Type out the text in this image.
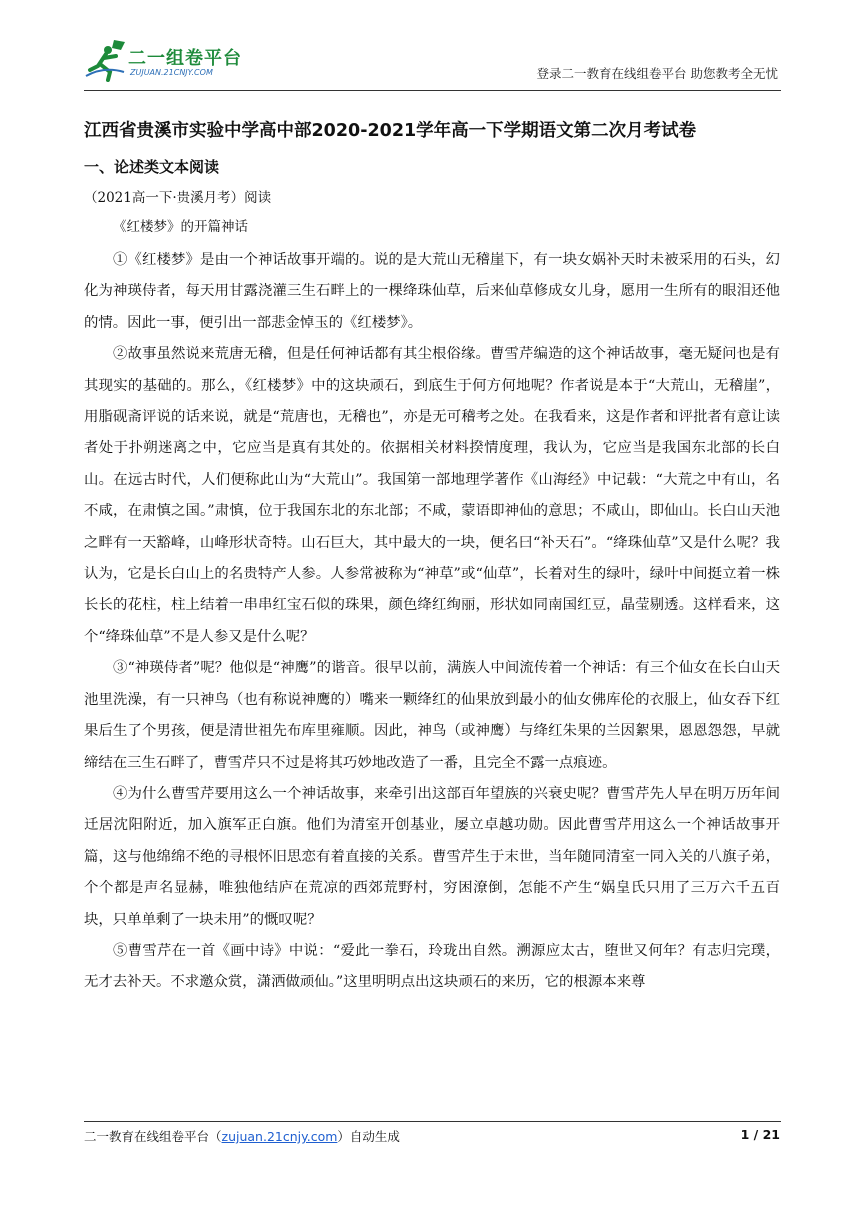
二一组卷平台
ZUJUAN.21CNJY.COM	登录二一教育在线组卷平台 助您教考全无忧
江西省贵溪市实验中学高中部2020-2021学年高一下学期语文第二次月考试卷
一、论述类文本阅读
（2021高一下·贵溪月考）阅读
《红楼梦》的开篇神话

①《红楼梦》是由一个神话故事开端的。说的是大荒山无稽崖下，有一块女娲补天时未被采用的石头，幻化为神瑛侍者，每天用甘露浇灌三生石畔上的一棵绛珠仙草，后来仙草修成女儿身，愿用一生所有的眼泪还他的情。因此一事，便引出一部悲金悼玉的《红楼梦》。

②故事虽然说来荒唐无稽，但是任何神话都有其尘根俗缘。曹雪芹编造的这个神话故事，毫无疑问也是有其现实的基础的。那么，《红楼梦》中的这块顽石，到底生于何方何地呢？作者说是本于“大荒山，无稽崖”，用脂砚斋评说的话来说，就是“荒唐也，无稽也”，亦是无可稽考之处。在我看来，这是作者和评批者有意让读者处于扑朔迷离之中，它应当是真有其处的。依据相关材料揆情度理，我认为，它应当是我国东北部的长白山。在远古时代，人们便称此山为“大荒山”。我国第一部地理学著作《山海经》中记载：“大荒之中有山，名不咸，在肃慎之国。”肃慎，位于我国东北的东北部；不咸，蒙语即神仙的意思；不咸山，即仙山。长白山天池之畔有一天豁峰，山峰形状奇特。山石巨大，其中最大的一块，便名曰“补天石”。“绛珠仙草”又是什么呢？我认为，它是长白山上的名贵特产人参。人参常被称为“神草”或“仙草”，长着对生的绿叶，绿叶中间挺立着一株长长的花柱，柱上结着一串串红宝石似的珠果，颜色绛红绚丽，形状如同南国红豆，晶莹剔透。这样看来，这个“绛珠仙草”不是人参又是什么呢？

③“神瑛侍者”呢？他似是“神鹰”的谐音。很早以前，满族人中间流传着一个神话：有三个仙女在长白山天池里洗澡，有一只神鸟（也有称说神鹰的）嘴来一颗绛红的仙果放到最小的仙女佛库伦的衣服上，仙女吞下红果后生了个男孩，便是清世祖先布库里雍顺。因此，神鸟（或神鹰）与绛红朱果的兰因絮果，恩恩怨怨，早就缔结在三生石畔了，曹雪芹只不过是将其巧妙地改造了一番，且完全不露一点痕迹。

④为什么曹雪芹要用这么一个神话故事，来牵引出这部百年望族的兴衰史呢？曹雪芹先人早在明万历年间迁居沈阳附近，加入旗军正白旗。他们为清室开创基业，屡立卓越功勋。因此曹雪芹用这么一个神话故事开篇，这与他绵绵不绝的寻根怀旧思恋有着直接的关系。曹雪芹生于末世，当年随同清室一同入关的八旗子弟，个个都是声名显赫，唯独他结庐在荒凉的西郊荒野村，穷困潦倒，怎能不产生“娲皇氏只用了三万六千五百块，只单单剩了一块未用”的慨叹呢？

⑤曹雪芹在一首《画中诗》中说：“爱此一拳石，玲珑出自然。溯源应太古，堕世又何年？有志归完璞，无才去补天。不求邀众赏，潇洒做顽仙。”这里明明点出这块顽石的来历，它的根源本来尊

二一教育在线组卷平台（zujuan.21cnjy.com）自动生成	1 / 21
